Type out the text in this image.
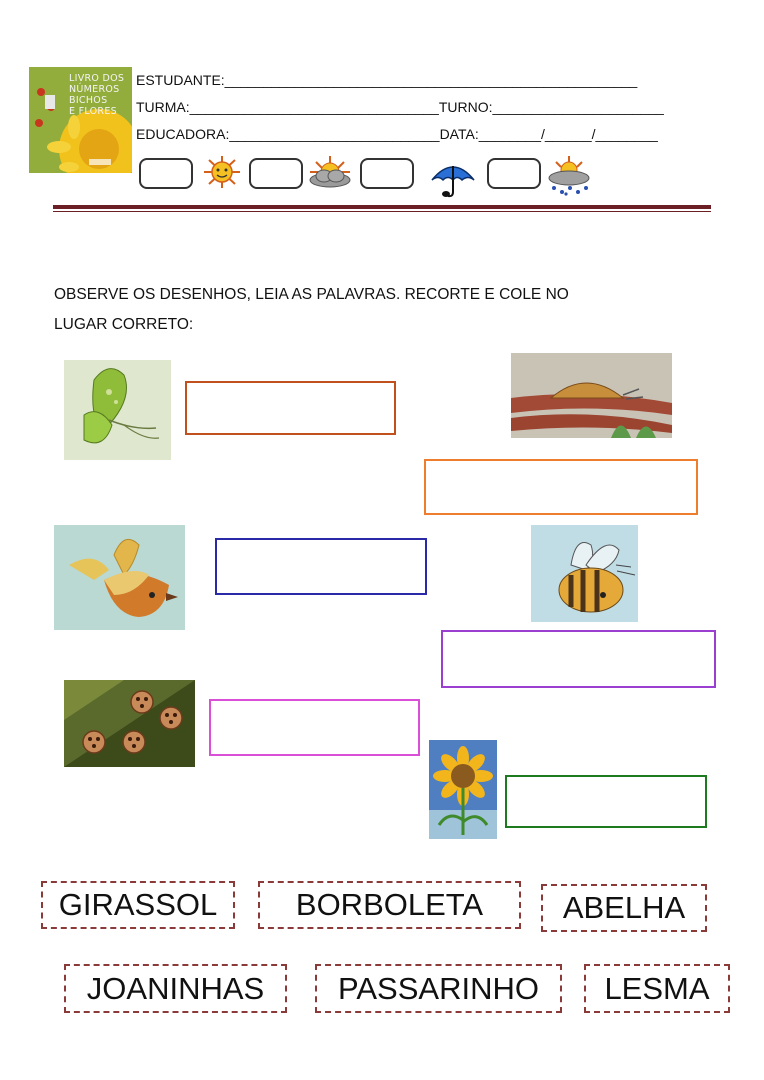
LIVRO DOS
NÚMEROS
BICHOS
E FLORES
ESTUDANTE:_____________________________________________________
TURMA:________________________________TURNO:______________________
EDUCADORA:___________________________DATA:________/______/________
OBSERVE OS DESENHOS, LEIA AS PALAVRAS. RECORTE E COLE NO
LUGAR CORRETO:
GIRASSOL	BORBOLETA	ABELHA
JOANINHAS	PASSARINHO	LESMA
